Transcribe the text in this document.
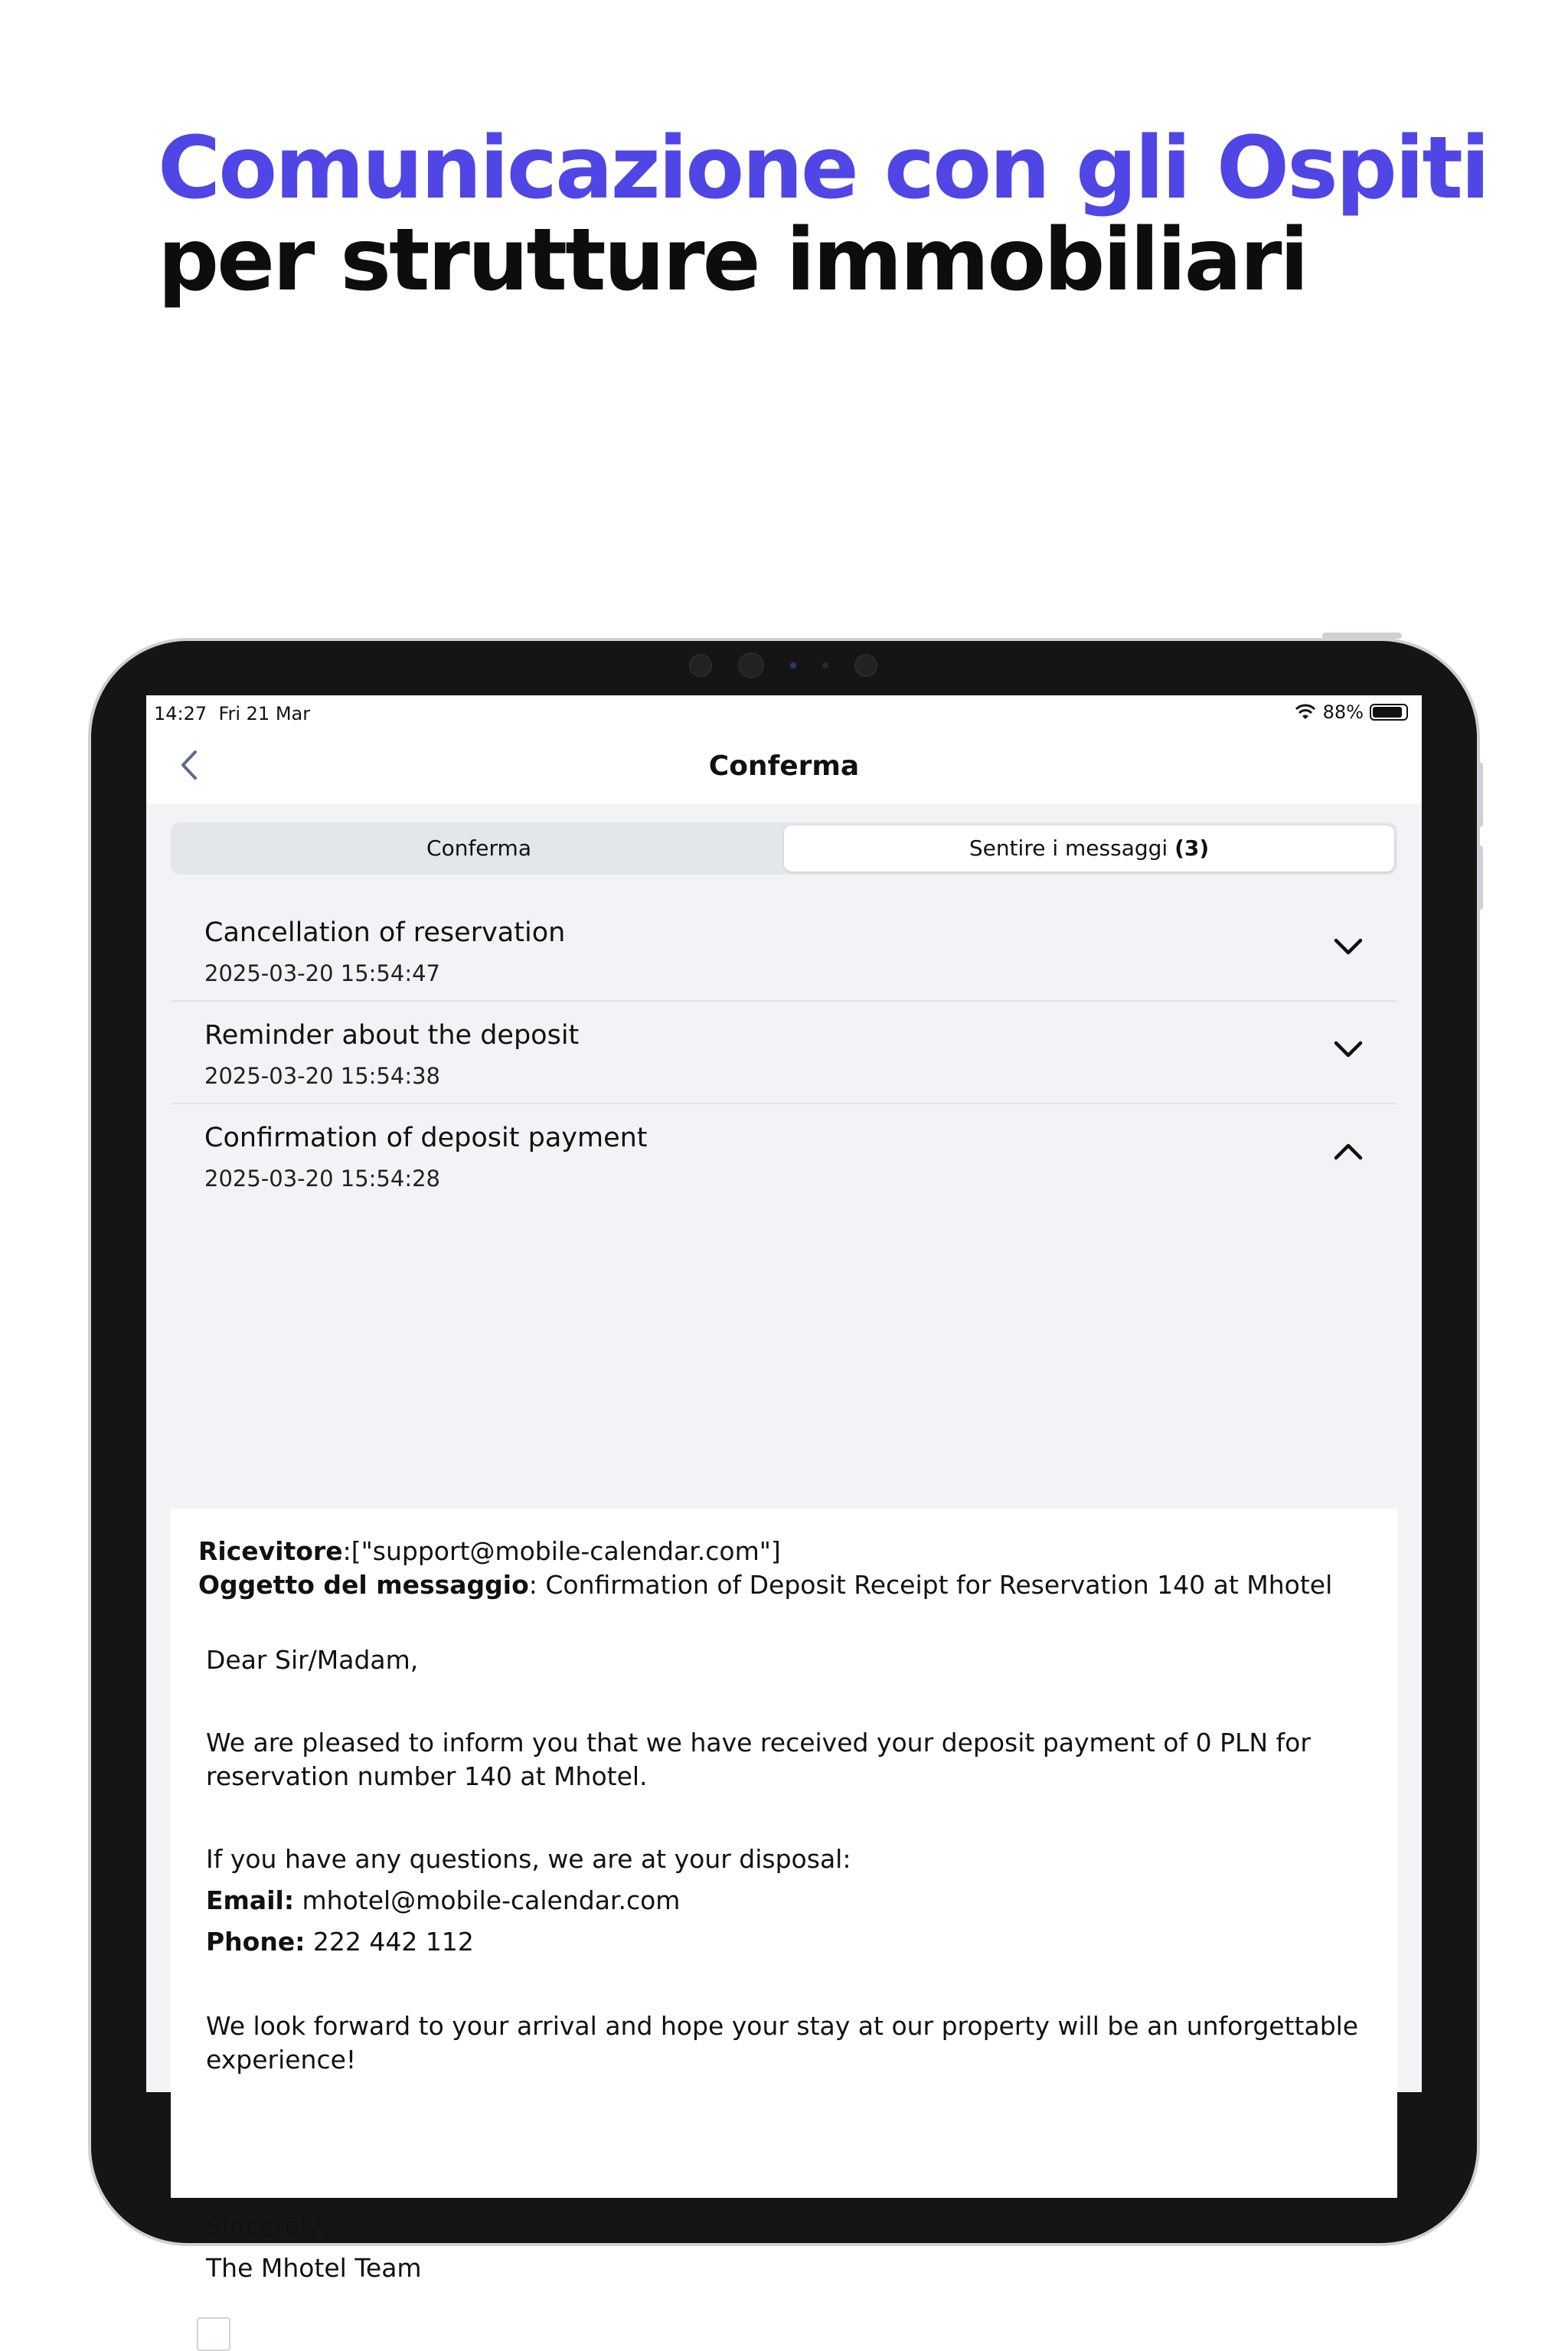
Comunicazione con gli Ospiti
per strutture immobiliari
14:27 Fri 21 Mar	88%
Conferma
Conferma	Sentire i messaggi (3)
Cancellation of reservation
2025-03-20 15:54:47
Reminder about the deposit
2025-03-20 15:54:38
Confirmation of deposit payment
2025-03-20 15:54:28
Ricevitore:["support@mobile-calendar.com"]
Oggetto del messaggio: Confirmation of Deposit Receipt for Reservation 140 at Mhotel
Dear Sir/Madam,
We are pleased to inform you that we have received your deposit payment of 0 PLN for
reservation number 140 at Mhotel.
If you have any questions, we are at your disposal:
Email: mhotel@mobile-calendar.com
Phone: 222 442 112
We look forward to your arrival and hope your stay at our property will be an unforgettable
experience!
Sincerely,
The Mhotel Team
